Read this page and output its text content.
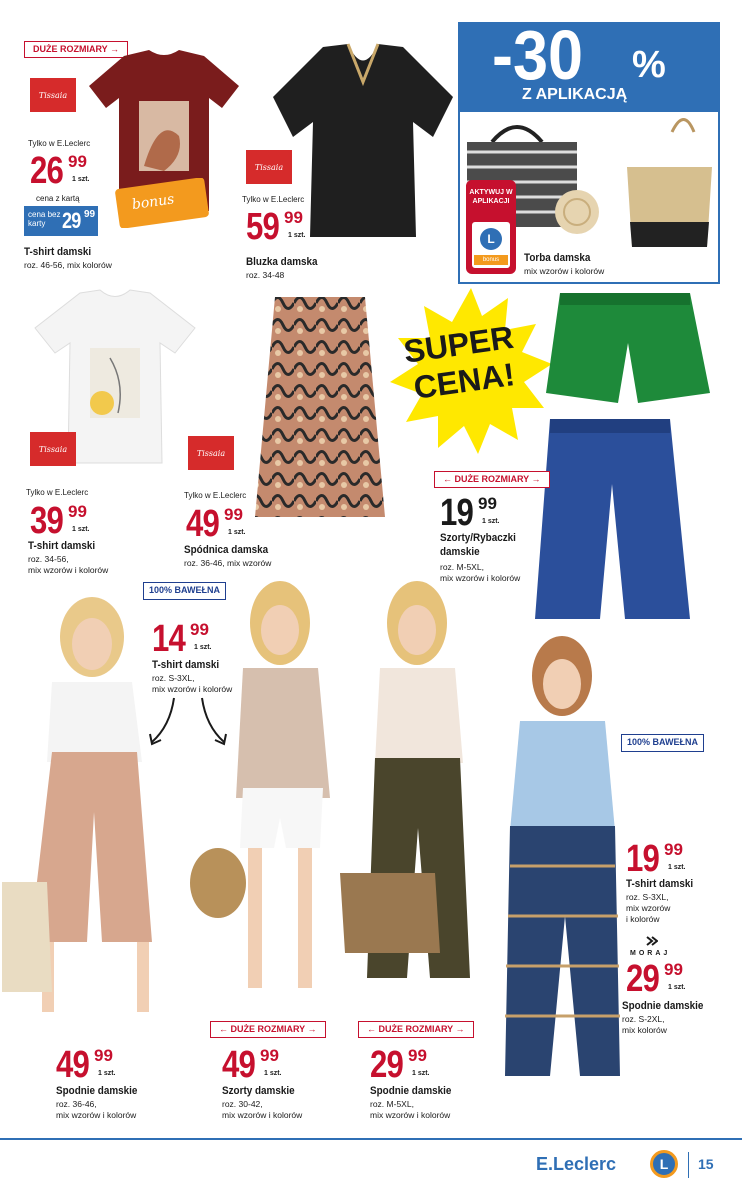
DUŻE ROZMIARY →
Tissaia
bonus
Tylko w E.Leclerc
26 99
1 szt.
cena z kartą
cena bez karty 29 99
T-shirt damski
roz. 46-56, mix kolorów
Tissaia
Tylko w E.Leclerc
59 99
1 szt.
Bluzka damska
roz. 34-48
-30 %
Z APLIKACJĄ
AKTYWUJ W APLIKACJI
L
bonus	Torba damska
mix wzorów i kolorów
SUPER
CENA!
Tissaia
Tylko w E.Leclerc
39 99
1 szt.
T-shirt damski
roz. 34-56,
mix wzorów i kolorów
Tissaia
Tylko w E.Leclerc
49 99
1 szt.
Spódnica damska
roz. 36-46, mix wzorów
← DUŻE ROZMIARY →
19 99
1 szt.
Szorty/Rybaczki
damskie
roz. M-5XL,
mix wzorów i kolorów
100% BAWEŁNA
14 99
1 szt.
T-shirt damski
roz. S-3XL,
mix wzorów i kolorów
100% BAWEŁNA
19 99
1 szt.
T-shirt damski
roz. S-3XL,
mix wzorów
i kolorów
MORAJ
29 99
1 szt.
Spodnie damskie
roz. S-2XL,
mix kolorów
49 99
1 szt.
Spodnie damskie
roz. 36-46,
mix wzorów i kolorów
← DUŻE ROZMIARY →
49 99
1 szt.
Szorty damskie
roz. 30-42,
mix wzorów i kolorów
← DUŻE ROZMIARY →
29 99
1 szt.
Spodnie damskie
roz. M-5XL,
mix wzorów i kolorów
E.Leclerc	L	15
